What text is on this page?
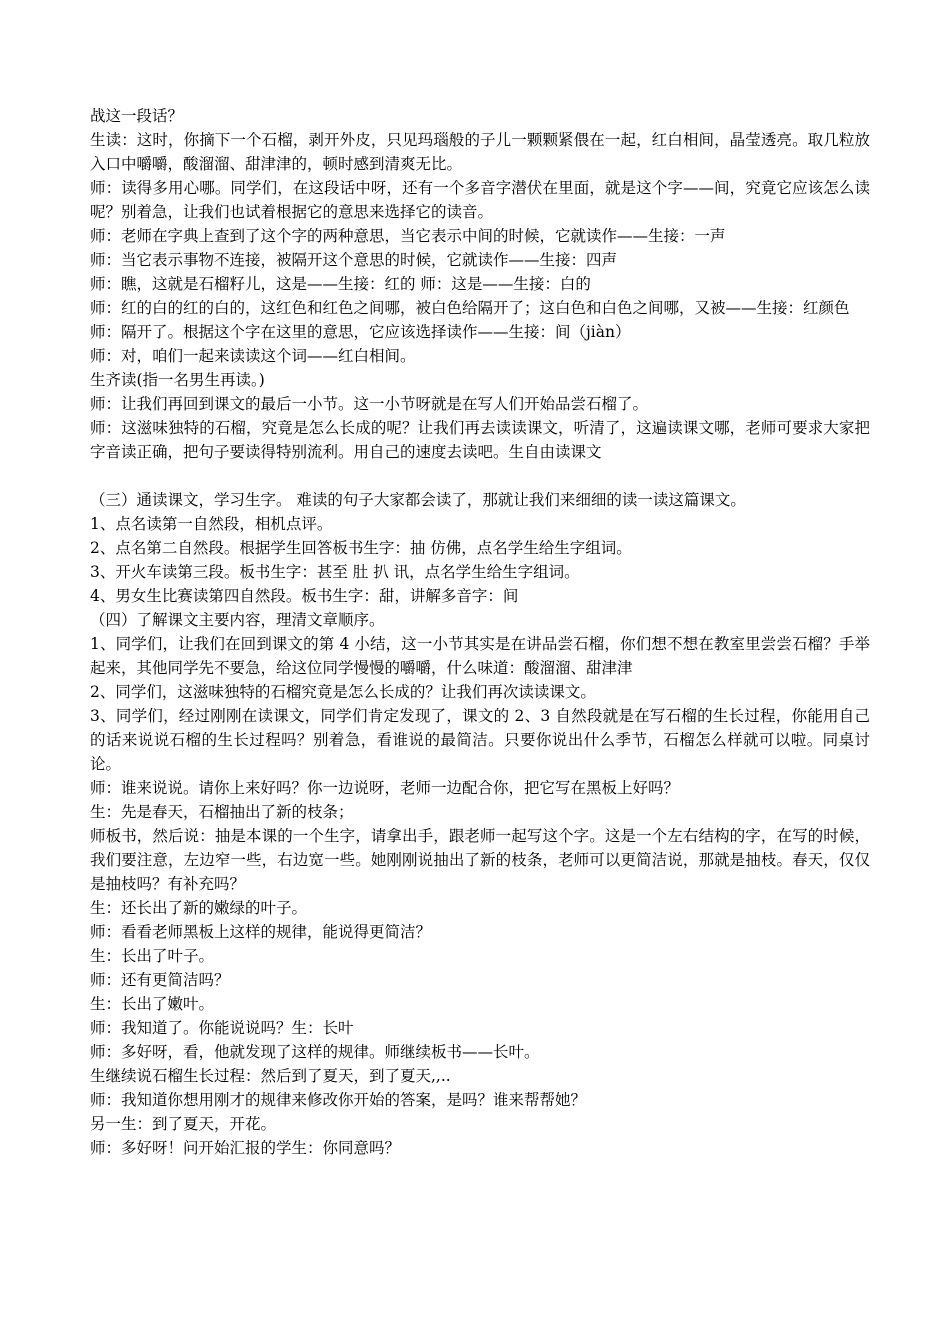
战这一段话？

生读：这时，你摘下一个石榴，剥开外皮，只见玛瑙般的子儿一颗颗紧偎在一起，红白相间，晶莹透亮。取几粒放入口中嚼嚼，酸溜溜、甜津津的，顿时感到清爽无比。

师：读得多用心哪。同学们，在这段话中呀，还有一个多音字潜伏在里面，就是这个字——间，究竟它应该怎么读呢？别着急，让我们也试着根据它的意思来选择它的读音。

师：老师在字典上查到了这个字的两种意思，当它表示中间的时候，它就读作——生接：一声

师：当它表示事物不连接，被隔开这个意思的时候，它就读作——生接：四声

师：瞧，这就是石榴籽儿，这是——生接：红的 师：这是——生接：白的

师：红的白的红的白的，这红色和红色之间哪，被白色给隔开了；这白色和白色之间哪，又被——生接：红颜色

师：隔开了。根据这个字在这里的意思，它应该选择读作——生接：间（jiàn）

师：对，咱们一起来读读这个词——红白相间。

生齐读(指一名男生再读。)

师：让我们再回到课文的最后一小节。这一小节呀就是在写人们开始品尝石榴了。

师：这滋味独特的石榴，究竟是怎么长成的呢？让我们再去读读课文，听清了，这遍读课文哪，老师可要求大家把字音读正确，把句子要读得特别流利。用自己的速度去读吧。生自由读课文

（三）通读课文，学习生字。 难读的句子大家都会读了，那就让我们来细细的读一读这篇课文。

1、点名读第一自然段，相机点评。

2、点名第二自然段。根据学生回答板书生字：抽 仿佛，点名学生给生字组词。

3、开火车读第三段。板书生字：甚至 肚 扒 讯，点名学生给生字组词。

4、男女生比赛读第四自然段。板书生字：甜，讲解多音字：间

（四）了解课文主要内容，理清文章顺序。

1、同学们，让我们在回到课文的第 4 小结，这一小节其实是在讲品尝石榴，你们想不想在教室里尝尝石榴？手举起来，其他同学先不要急，给这位同学慢慢的嚼嚼，什么味道：酸溜溜、甜津津

2、同学们，这滋味独特的石榴究竟是怎么长成的？让我们再次读读课文。

3、同学们，经过刚刚在读课文，同学们肯定发现了，课文的 2、3 自然段就是在写石榴的生长过程，你能用自己的话来说说石榴的生长过程吗？别着急，看谁说的最简洁。只要你说出什么季节，石榴怎么样就可以啦。同桌讨论。

师：谁来说说。请你上来好吗？你一边说呀，老师一边配合你，把它写在黑板上好吗？

生：先是春天，石榴抽出了新的枝条；

师板书，然后说：抽是本课的一个生字，请拿出手，跟老师一起写这个字。这是一个左右结构的字，在写的时候，我们要注意，左边窄一些，右边宽一些。她刚刚说抽出了新的枝条，老师可以更简洁说，那就是抽枝。春天，仅仅是抽枝吗？有补充吗？

生：还长出了新的嫩绿的叶子。

师：看看老师黑板上这样的规律，能说得更简洁？

生：长出了叶子。

师：还有更简洁吗？

生：长出了嫩叶。

师：我知道了。你能说说吗？生：长叶

师：多好呀，看，他就发现了这样的规律。师继续板书——长叶。

生继续说石榴生长过程：然后到了夏天，到了夏天,,..

师：我知道你想用刚才的规律来修改你开始的答案，是吗？谁来帮帮她？

另一生：到了夏天，开花。

师：多好呀！问开始汇报的学生：你同意吗？
